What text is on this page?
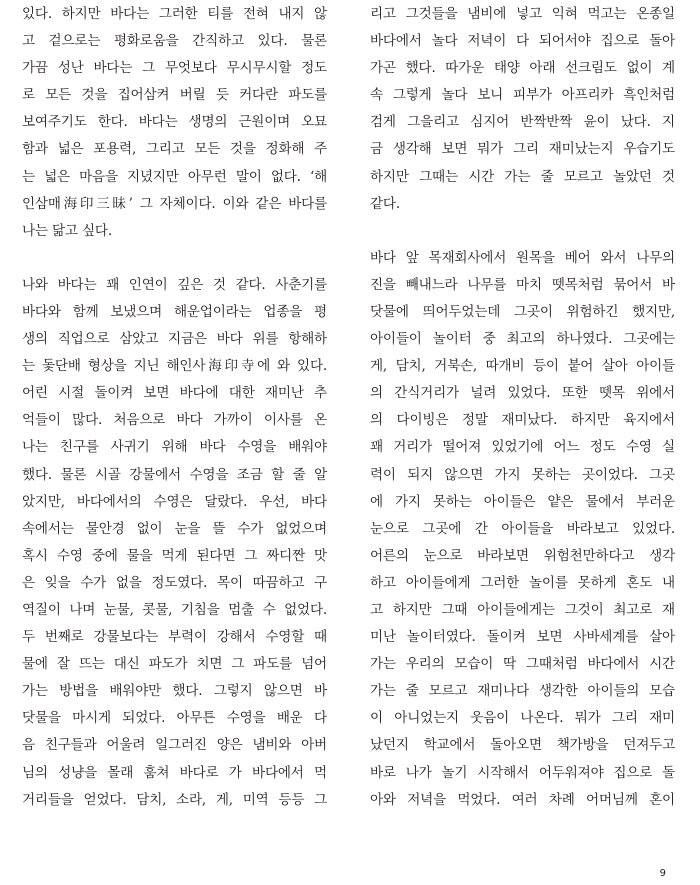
있다. 하지만 바다는 그러한 티를 전혀 내지 않
고 겉으로는 평화로움을 간직하고 있다. 물론
가끔 성난 바다는 그 무엇보다 무시무시할 정도
로 모든 것을 집어삼켜 버릴 듯 커다란 파도를
보여주기도 한다. 바다는 생명의 근원이며 오묘
함과 넓은 포용력, 그리고 모든 것을 정화해 주
는 넓은 마음을 지녔지만 아무런 말이 없다. ‘해
인삼매海印三昧’ 그 자체이다. 이와 같은 바다를
나는 닮고 싶다.
나와 바다는 꽤 인연이 깊은 것 같다. 사춘기를
바다와 함께 보냈으며 해운업이라는 업종을 평
생의 직업으로 삼았고 지금은 바다 위를 항해하
는 돛단배 형상을 지닌 해인사海印寺에 와 있다.
어린 시절 돌이켜 보면 바다에 대한 재미난 추
억들이 많다. 처음으로 바다 가까이 이사를 온
나는 친구를 사귀기 위해 바다 수영을 배워야
했다. 물론 시골 강물에서 수영을 조금 할 줄 알
았지만, 바다에서의 수영은 달랐다. 우선, 바다
속에서는 물안경 없이 눈을 뜰 수가 없었으며
혹시 수영 중에 물을 먹게 된다면 그 짜디짠 맛
은 잊을 수가 없을 정도였다. 목이 따끔하고 구
역질이 나며 눈물, 콧물, 기침을 멈출 수 없었다.
두 번째로 강물보다는 부력이 강해서 수영할 때
물에 잘 뜨는 대신 파도가 치면 그 파도를 넘어
가는 방법을 배워야만 했다. 그렇지 않으면 바
닷물을 마시게 되었다. 아무튼 수영을 배운 다
음 친구들과 어울려 일그러진 양은 냄비와 아버
님의 성냥을 몰래 훔쳐 바다로 가 바다에서 먹
거리들을 얻었다. 담치, 소라, 게, 미역 등등 그
리고 그것들을 냄비에 넣고 익혀 먹고는 온종일
바다에서 놀다 저녁이 다 되어서야 집으로 돌아
가곤 했다. 따가운 태양 아래 선크림도 없이 계
속 그렇게 놀다 보니 피부가 아프리카 흑인처럼
검게 그을리고 심지어 반짝반짝 윤이 났다. 지
금 생각해 보면 뭐가 그리 재미났는지 우습기도
하지만 그때는 시간 가는 줄 모르고 놀았던 것
같다.
바다 앞 목재회사에서 원목을 베어 와서 나무의
진을 빼내느라 나무를 마치 뗏목처럼 묶어서 바
닷물에 띄어두었는데 그곳이 위험하긴 했지만,
아이들이 놀이터 중 최고의 하나였다. 그곳에는
게, 담치, 거북손, 따개비 등이 붙어 살아 아이들
의 간식거리가 널려 있었다. 또한 뗏목 위에서
의 다이빙은 정말 재미났다. 하지만 육지에서
꽤 거리가 떨어져 있었기에 어느 정도 수영 실
력이 되지 않으면 가지 못하는 곳이었다. 그곳
에 가지 못하는 아이들은 얕은 물에서 부러운
눈으로 그곳에 간 아이들을 바라보고 있었다.
어른의 눈으로 바라보면 위험천만하다고 생각
하고 아이들에게 그러한 놀이를 못하게 혼도 내
고 하지만 그때 아이들에게는 그것이 최고로 재
미난 놀이터였다. 돌이켜 보면 사바세계를 살아
가는 우리의 모습이 딱 그때처럼 바다에서 시간
가는 줄 모르고 재미나다 생각한 아이들의 모습
이 아니었는지 웃음이 나온다. 뭐가 그리 재미
났던지 학교에서 돌아오면 책가방을 던져두고
바로 나가 놀기 시작해서 어두워져야 집으로 돌
아와 저녁을 먹었다. 여러 차례 어머님께 혼이
9
